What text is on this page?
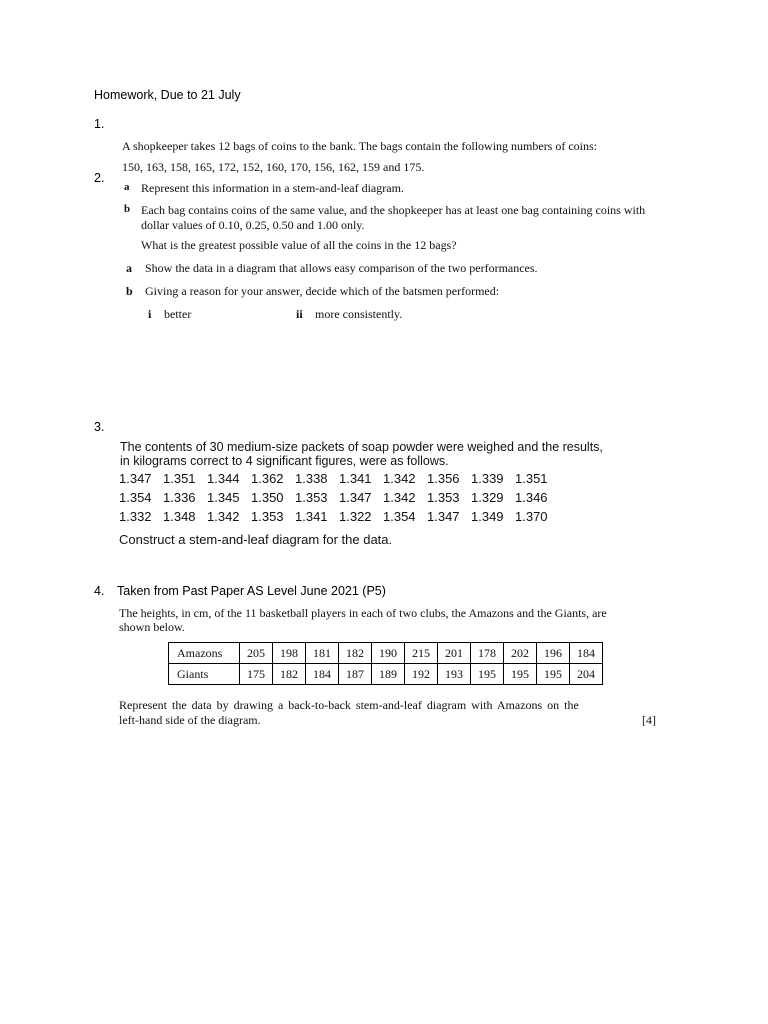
Homework, Due to 21 July
1.
A shopkeeper takes 12 bags of coins to the bank. The bags contain the following numbers of coins:
150, 163, 158, 165, 172, 152, 160, 170, 156, 162, 159 and 175.
2.
a Represent this information in a stem-and-leaf diagram.
b Each bag contains coins of the same value, and the shopkeeper has at least one bag containing coins with
dollar values of 0.10, 0.25, 0.50 and 1.00 only.
What is the greatest possible value of all the coins in the 12 bags?
a Show the data in a diagram that allows easy comparison of the two performances.
b Giving a reason for your answer, decide which of the batsmen performed:
i better	ii more consistently.
3.
The contents of 30 medium-size packets of soap powder were weighed and the results,
in kilograms correct to 4 significant figures, were as follows.
1.347 1.351 1.344 1.362 1.338 1.341 1.342 1.356 1.339 1.351
1.354 1.336 1.345 1.350 1.353 1.347 1.342 1.353 1.329 1.346
1.332 1.348 1.342 1.353 1.341 1.322 1.354 1.347 1.349 1.370
Construct a stem-and-leaf diagram for the data.
4. Taken from Past Paper AS Level June 2021 (P5)
The heights, in cm, of the 11 basketball players in each of two clubs, the Amazons and the Giants, are
shown below.
Amazons	205	198	181	182	190	215	201	178	202	196	184
Giants	175	182	184	187	189	192	193	195	195	195	204
Represent the data by drawing a back-to-back stem-and-leaf diagram with Amazons on the
left-hand side of the diagram.	[4]
